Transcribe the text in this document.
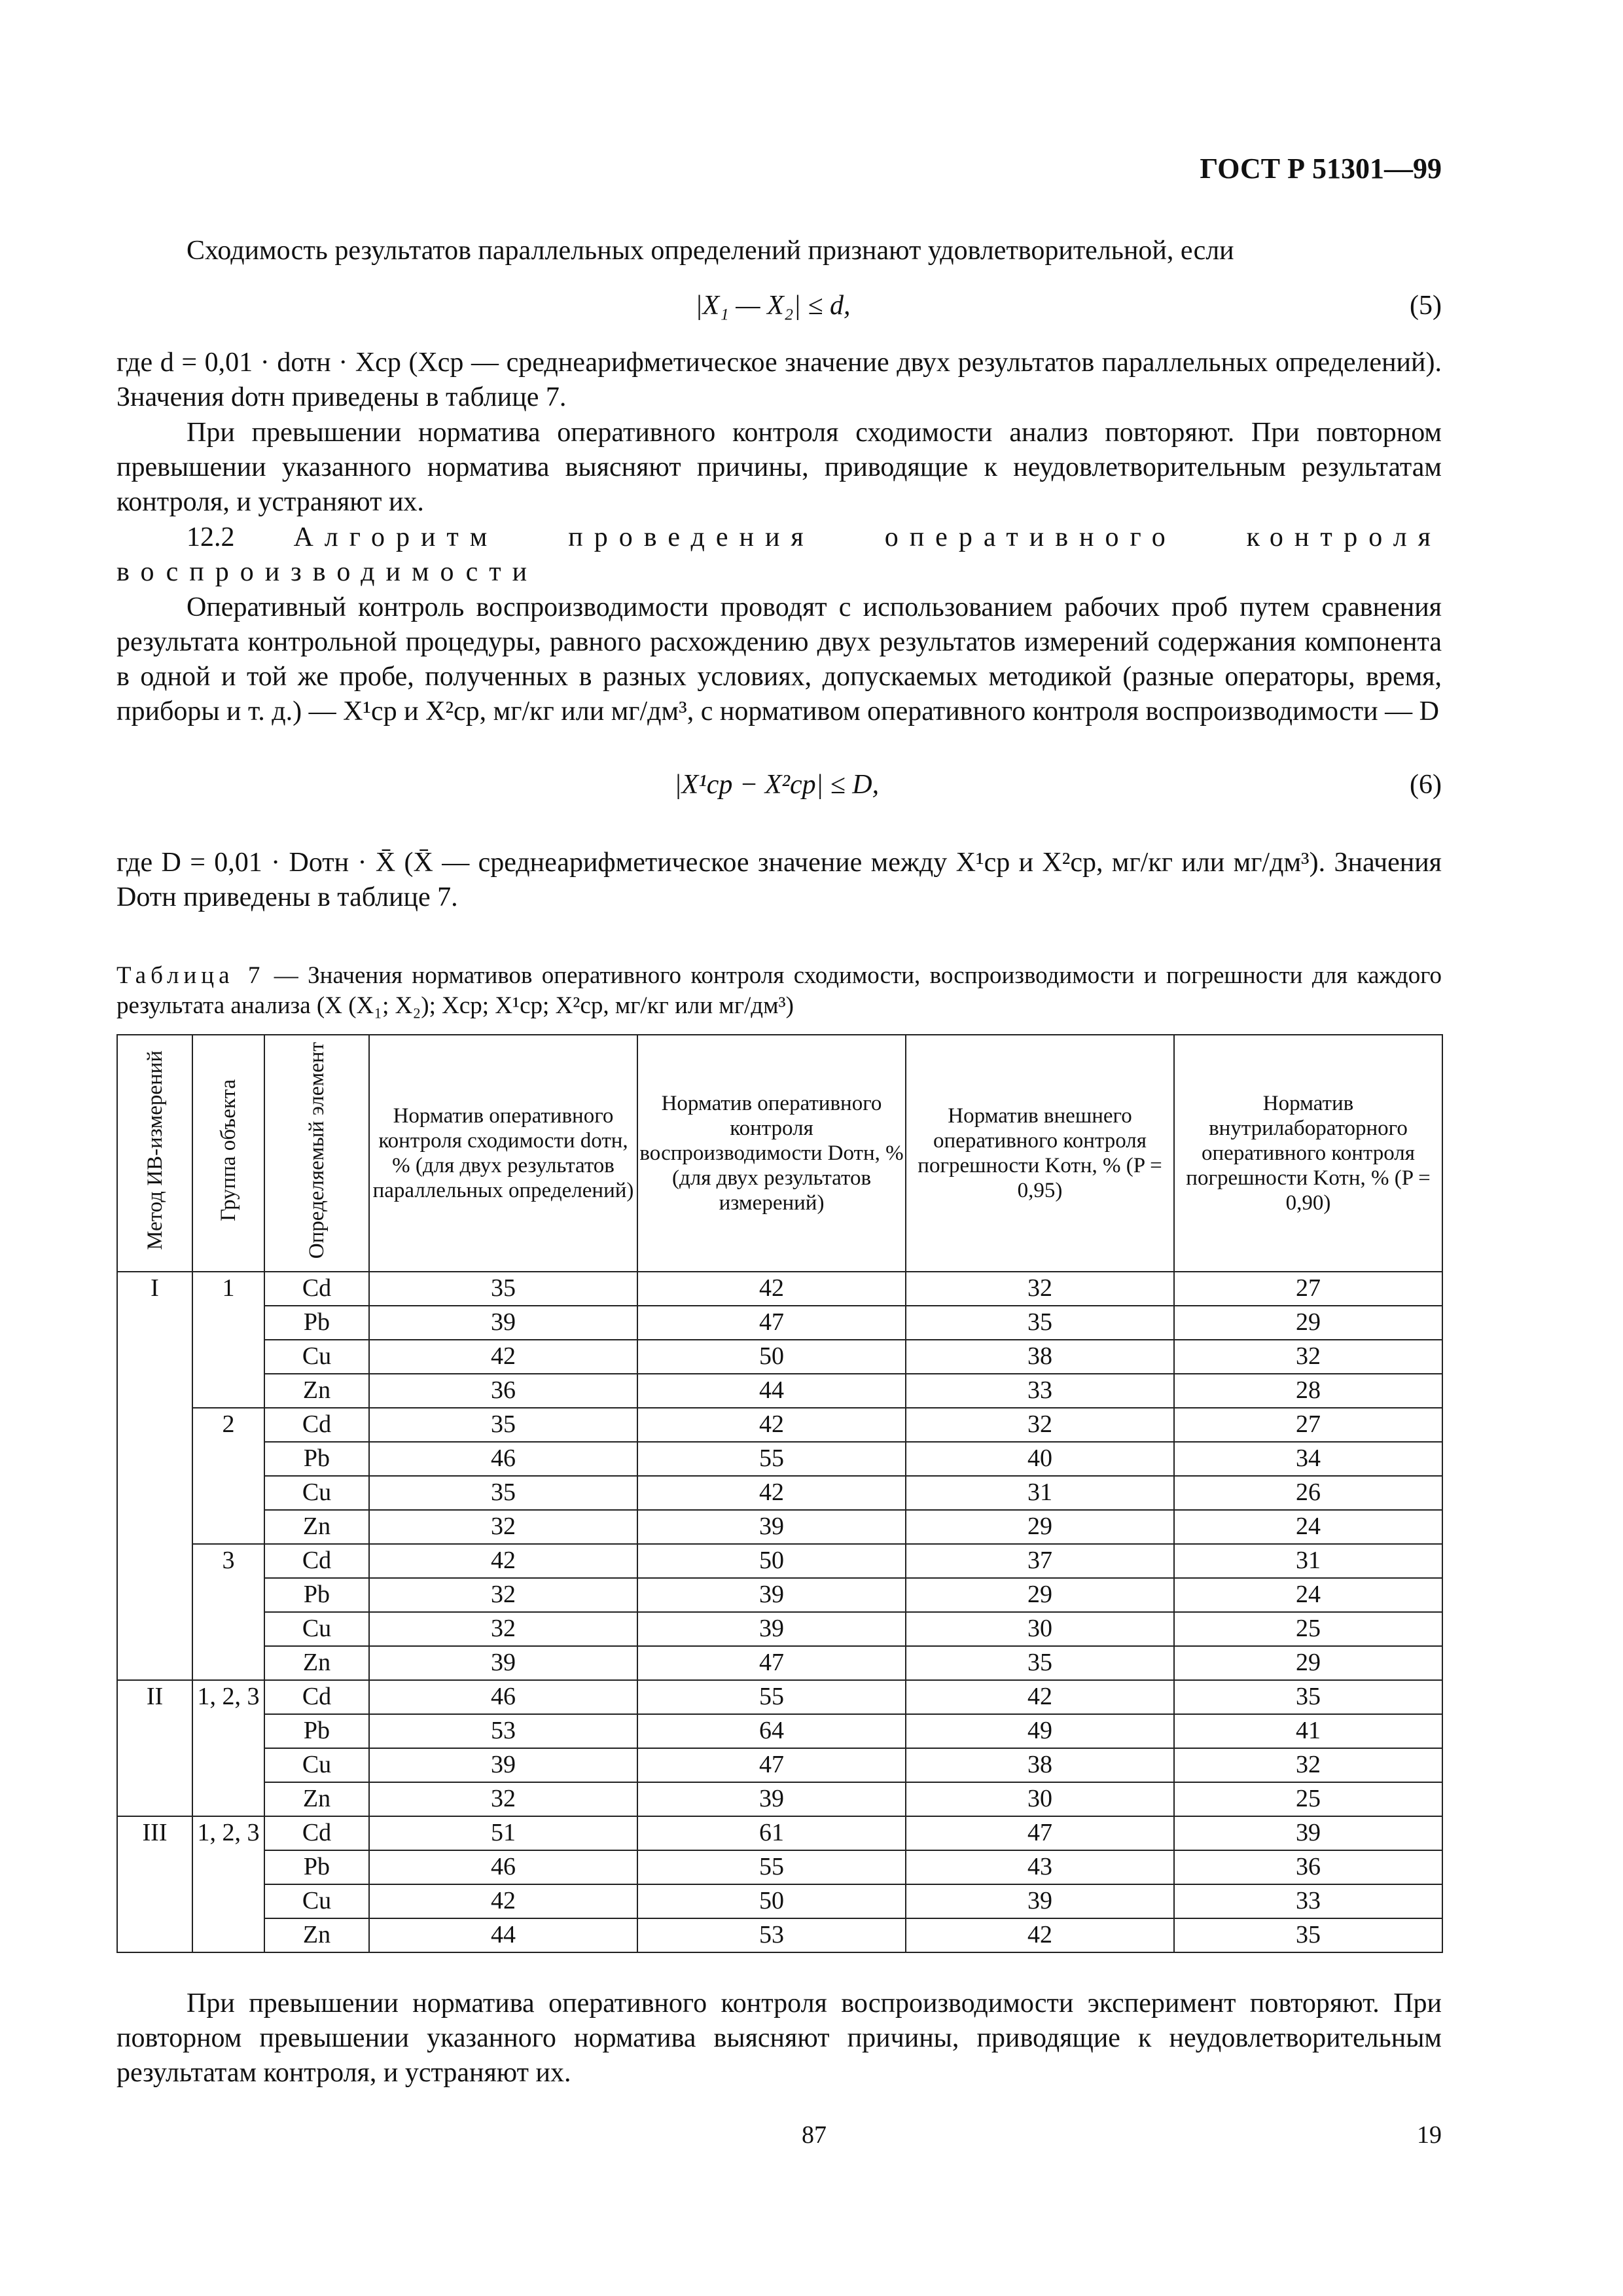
ГОСТ Р 51301—99
Сходимость результатов параллельных определений признают удовлетворительной, если
|X₁ — X₂| ≤ d,	(5)
где d = 0,01 · dотн · Xср (Xср — среднеарифметическое значение двух результатов параллельных определений). Значения dотн приведены в таблице 7.
При превышении норматива оперативного контроля сходимости анализ повторяют. При повторном превышении указанного норматива выясняют причины, приводящие к неудовлетворительным результатам контроля, и устраняют их.
12.2 Алгоритм проведения оперативного контроля воспроизводимости
Оперативный контроль воспроизводимости проводят с использованием рабочих проб путем сравнения результата контрольной процедуры, равного расхождению двух результатов измерений содержания компонента в одной и той же пробе, полученных в разных условиях, допускаемых методикой (разные операторы, время, приборы и т. д.) — X¹ср и X²ср, мг/кг или мг/дм³, с нормативом оперативного контроля воспроизводимости — D
|X¹ср − X²ср| ≤ D,	(6)
где D = 0,01 · Dотн · X̄ (X̄ — среднеарифметическое значение между X¹ср и X²ср, мг/кг или мг/дм³). Значения Dотн приведены в таблице 7.
Таблица 7 — Значения нормативов оперативного контроля сходимости, воспроизводимости и погрешности для каждого результата анализа (X (X₁; X₂); Xср; X¹ср; X²ср, мг/кг или мг/дм³)
Метод ИВ-измерений	Группа объекта	Определяемый элемент	Норматив оперативного контроля сходимости dотн, % (для двух результатов параллельных определений)	Норматив оперативного контроля воспроизводимости Dотн, % (для двух результатов измерений)	Норматив внешнего оперативного контроля погрешности Kотн, % (P = 0,95)	Норматив внутрилабораторного оперативного контроля погрешности Kотн, % (P = 0,90)
I	1	Cd	35	42	32	27
		Pb	39	47	35	29
		Cu	42	50	38	32
		Zn	36	44	33	28
	2	Cd	35	42	32	27
		Pb	46	55	40	34
		Cu	35	42	31	26
		Zn	32	39	29	24
	3	Cd	42	50	37	31
		Pb	32	39	29	24
		Cu	32	39	30	25
		Zn	39	47	35	29
II	1, 2, 3	Cd	46	55	42	35
		Pb	53	64	49	41
		Cu	39	47	38	32
		Zn	32	39	30	25
III	1, 2, 3	Cd	51	61	47	39
		Pb	46	55	43	36
		Cu	42	50	39	33
		Zn	44	53	42	35
При превышении норматива оперативного контроля воспроизводимости эксперимент повторяют. При повторном превышении указанного норматива выясняют причины, приводящие к неудовлетворительным результатам контроля, и устраняют их.
87	19
